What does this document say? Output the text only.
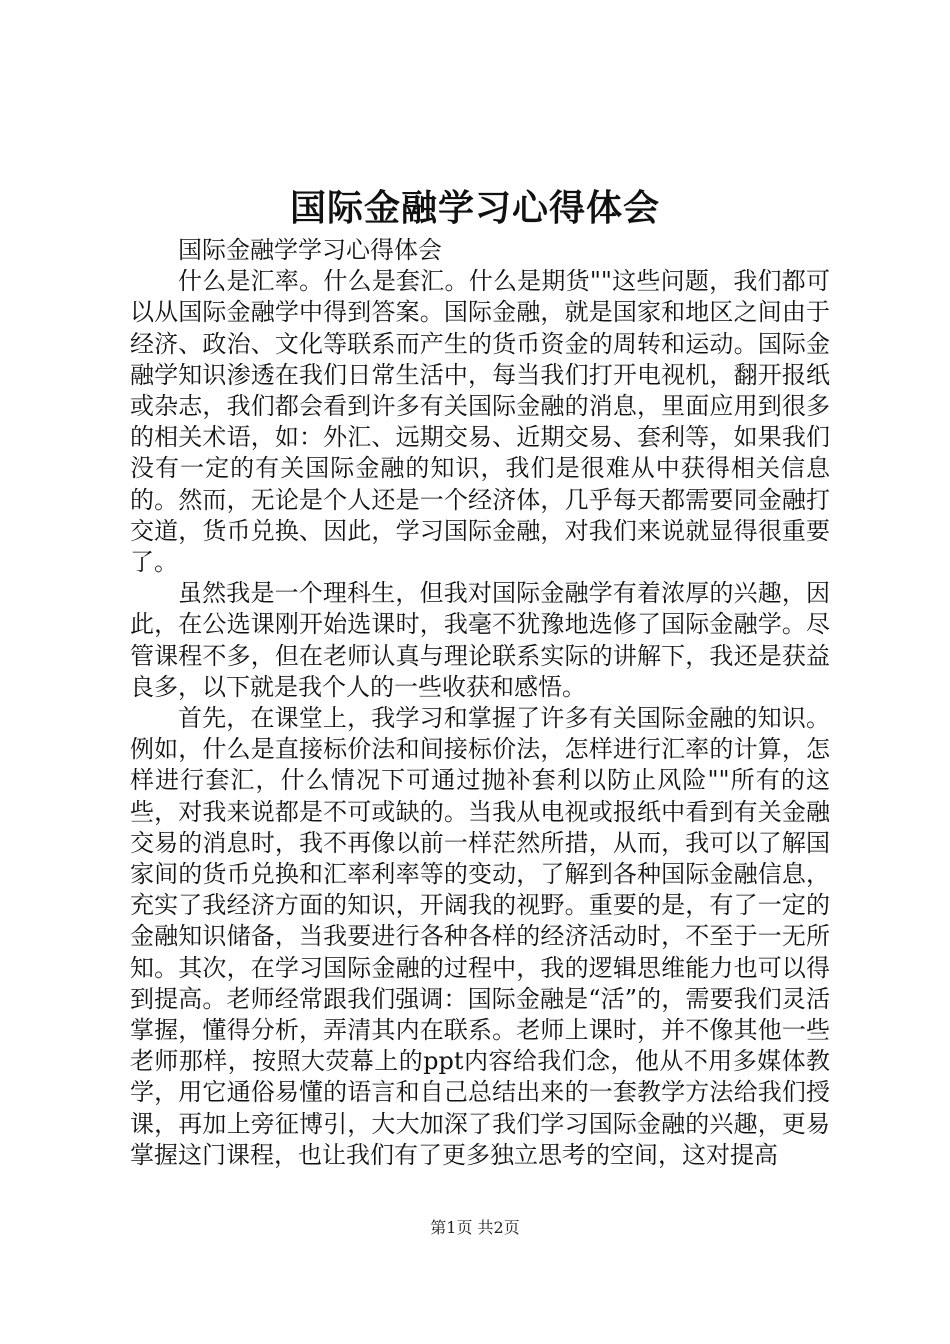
国际金融学习心得体会

国际金融学学习心得体会

什么是汇率。什么是套汇。什么是期货""这些问题，我们都可以从国际金融学中得到答案。国际金融，就是国家和地区之间由于经济、政治、文化等联系而产生的货币资金的周转和运动。国际金融学知识渗透在我们日常生活中，每当我们打开电视机，翻开报纸或杂志，我们都会看到许多有关国际金融的消息，里面应用到很多的相关术语，如：外汇、远期交易、近期交易、套利等，如果我们没有一定的有关国际金融的知识，我们是很难从中获得相关信息的。然而，无论是个人还是一个经济体，几乎每天都需要同金融打交道，货币兑换、因此，学习国际金融，对我们来说就显得很重要了。

虽然我是一个理科生，但我对国际金融学有着浓厚的兴趣，因此，在公选课刚开始选课时，我毫不犹豫地选修了国际金融学。尽管课程不多，但在老师认真与理论联系实际的讲解下，我还是获益良多，以下就是我个人的一些收获和感悟。

首先，在课堂上，我学习和掌握了许多有关国际金融的知识。例如，什么是直接标价法和间接标价法，怎样进行汇率的计算，怎样进行套汇，什么情况下可通过抛补套利以防止风险""所有的这些，对我来说都是不可或缺的。当我从电视或报纸中看到有关金融交易的消息时，我不再像以前一样茫然所措，从而，我可以了解国家间的货币兑换和汇率利率等的变动，了解到各种国际金融信息，充实了我经济方面的知识，开阔我的视野。重要的是，有了一定的金融知识储备，当我要进行各种各样的经济活动时，不至于一无所知。其次，在学习国际金融的过程中，我的逻辑思维能力也可以得到提高。老师经常跟我们强调：国际金融是“活”的，需要我们灵活掌握，懂得分析，弄清其内在联系。老师上课时，并不像其他一些老师那样，按照大荧幕上的ppt内容给我们念，他从不用多媒体教学，用它通俗易懂的语言和自己总结出来的一套教学方法给我们授课，再加上旁征博引，大大加深了我们学习国际金融的兴趣，更易掌握这门课程，也让我们有了更多独立思考的空间，这对提高

第1页 共2页
